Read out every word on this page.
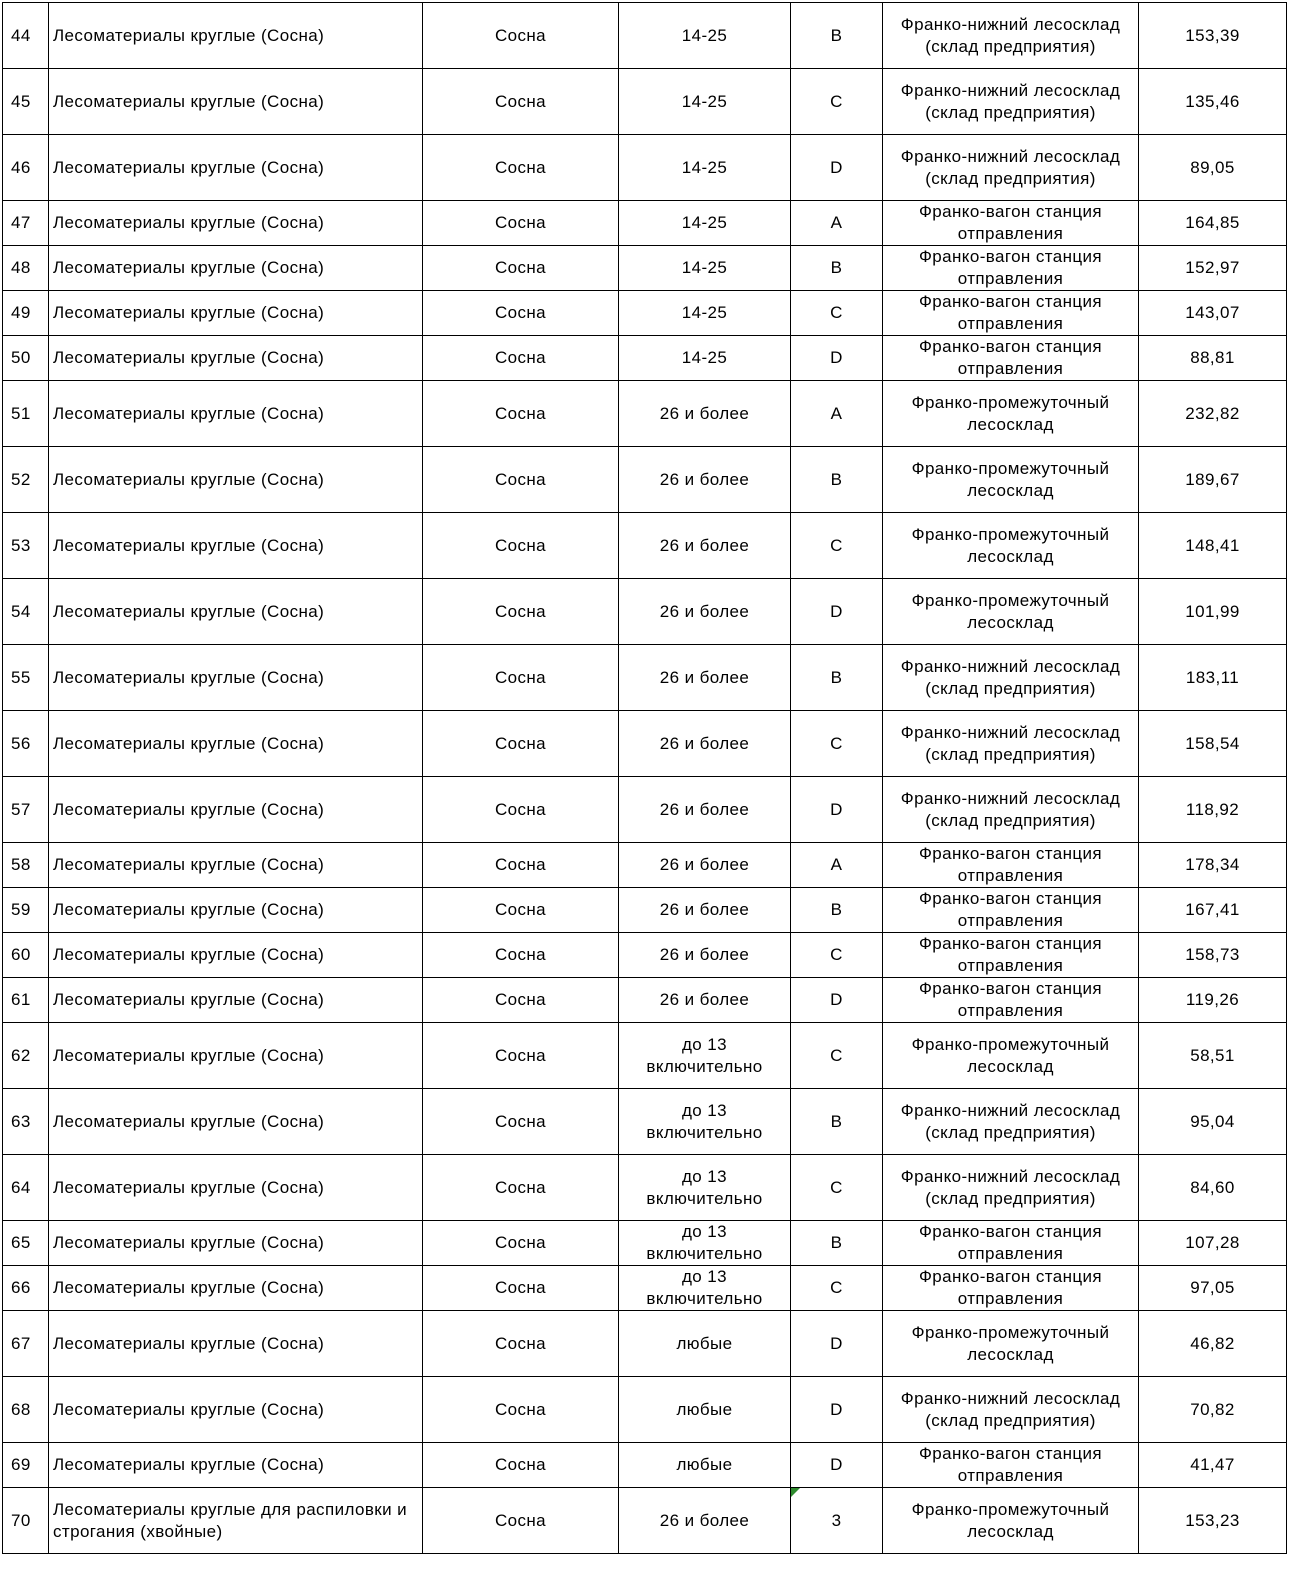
44	Лесоматериалы круглые (Сосна)	Сосна	14-25	B	Франко-нижний лесосклад (склад предприятия)	153,39
45	Лесоматериалы круглые (Сосна)	Сосна	14-25	C	Франко-нижний лесосклад (склад предприятия)	135,46
46	Лесоматериалы круглые (Сосна)	Сосна	14-25	D	Франко-нижний лесосклад (склад предприятия)	89,05
47	Лесоматериалы круглые (Сосна)	Сосна	14-25	A	Франко-вагон станция отправления	164,85
48	Лесоматериалы круглые (Сосна)	Сосна	14-25	B	Франко-вагон станция отправления	152,97
49	Лесоматериалы круглые (Сосна)	Сосна	14-25	C	Франко-вагон станция отправления	143,07
50	Лесоматериалы круглые (Сосна)	Сосна	14-25	D	Франко-вагон станция отправления	88,81
51	Лесоматериалы круглые (Сосна)	Сосна	26 и более	A	Франко-промежуточный лесосклад	232,82
52	Лесоматериалы круглые (Сосна)	Сосна	26 и более	B	Франко-промежуточный лесосклад	189,67
53	Лесоматериалы круглые (Сосна)	Сосна	26 и более	C	Франко-промежуточный лесосклад	148,41
54	Лесоматериалы круглые (Сосна)	Сосна	26 и более	D	Франко-промежуточный лесосклад	101,99
55	Лесоматериалы круглые (Сосна)	Сосна	26 и более	B	Франко-нижний лесосклад (склад предприятия)	183,11
56	Лесоматериалы круглые (Сосна)	Сосна	26 и более	C	Франко-нижний лесосклад (склад предприятия)	158,54
57	Лесоматериалы круглые (Сосна)	Сосна	26 и более	D	Франко-нижний лесосклад (склад предприятия)	118,92
58	Лесоматериалы круглые (Сосна)	Сосна	26 и более	A	Франко-вагон станция отправления	178,34
59	Лесоматериалы круглые (Сосна)	Сосна	26 и более	B	Франко-вагон станция отправления	167,41
60	Лесоматериалы круглые (Сосна)	Сосна	26 и более	C	Франко-вагон станция отправления	158,73
61	Лесоматериалы круглые (Сосна)	Сосна	26 и более	D	Франко-вагон станция отправления	119,26
62	Лесоматериалы круглые (Сосна)	Сосна	до 13 включительно	C	Франко-промежуточный лесосклад	58,51
63	Лесоматериалы круглые (Сосна)	Сосна	до 13 включительно	B	Франко-нижний лесосклад (склад предприятия)	95,04
64	Лесоматериалы круглые (Сосна)	Сосна	до 13 включительно	C	Франко-нижний лесосклад (склад предприятия)	84,60
65	Лесоматериалы круглые (Сосна)	Сосна	до 13 включительно	B	Франко-вагон станция отправления	107,28
66	Лесоматериалы круглые (Сосна)	Сосна	до 13 включительно	C	Франко-вагон станция отправления	97,05
67	Лесоматериалы круглые (Сосна)	Сосна	любые	D	Франко-промежуточный лесосклад	46,82
68	Лесоматериалы круглые (Сосна)	Сосна	любые	D	Франко-нижний лесосклад (склад предприятия)	70,82
69	Лесоматериалы круглые (Сосна)	Сосна	любые	D	Франко-вагон станция отправления	41,47
70	Лесоматериалы круглые для распиловки и строгания (хвойные)	Сосна	26 и более	3	Франко-промежуточный лесосклад	153,23
